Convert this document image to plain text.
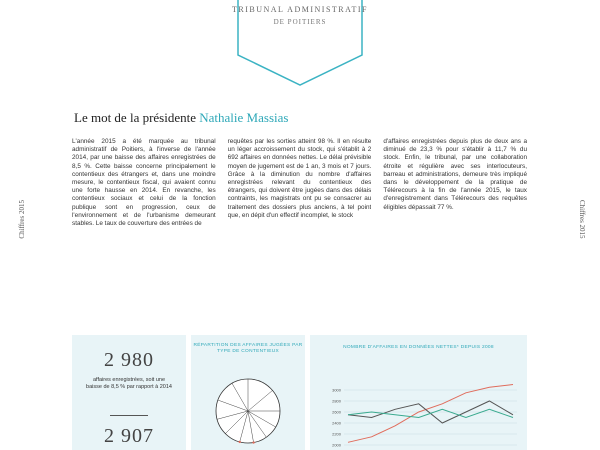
TRIBUNAL ADMINISTRATIF
DE POITIERS
Chiffres 2015	Chiffres 2015
Le mot de la présidente Nathalie Massias

L'année 2015 a été marquée au tribunal administratif de Poitiers, à l'inverse de l'année 2014, par une baisse des affaires enregistrées de 8,5 %. Cette baisse concerne principalement le contentieux des étrangers et, dans une moindre mesure, le contentieux fiscal, qui avaient connu une forte hausse en 2014. En revanche, les contentieux sociaux et celui de la fonction publique sont en progression, ceux de l'environnement et de l'urbanisme demeurant stables. Le taux de couverture des entrées de

requêtes par les sorties atteint 98 %. Il en résulte un léger accroissement du stock, qui s'établit à 2 692 affaires en données nettes. Le délai prévisible moyen de jugement est de 1 an, 3 mois et 7 jours. Grâce à la diminution du nombre d'affaires enregistrées relevant du contentieux des étrangers, qui doivent être jugées dans des délais contraints, les magistrats ont pu se consacrer au traitement des dossiers plus anciens, à tel point que, en dépit d'un effectif incomplet, le stock

d'affaires enregistrées depuis plus de deux ans a diminué de 23,3 % pour s'établir à 11,7 % du stock. Enfin, le tribunal, par une collaboration étroite et régulière avec ses interlocuteurs, barreau et administrations, demeure très impliqué dans le développement de la pratique de Télérecours à la fin de l'année 2015, le taux d'enregistrement dans Télérecours des requêtes éligibles dépassait 77 %.

2 980
affaires enregistrées, soit une baisse de 8,5 % par rapport à 2014
2 907
RÉPARTITION DES AFFAIRES JUGÉES PAR TYPE DE CONTENTIEUX
NOMBRE D'AFFAIRES EN DONNÉES NETTES* DEPUIS 2008
3000
2800
2600
2400
2200
2000
